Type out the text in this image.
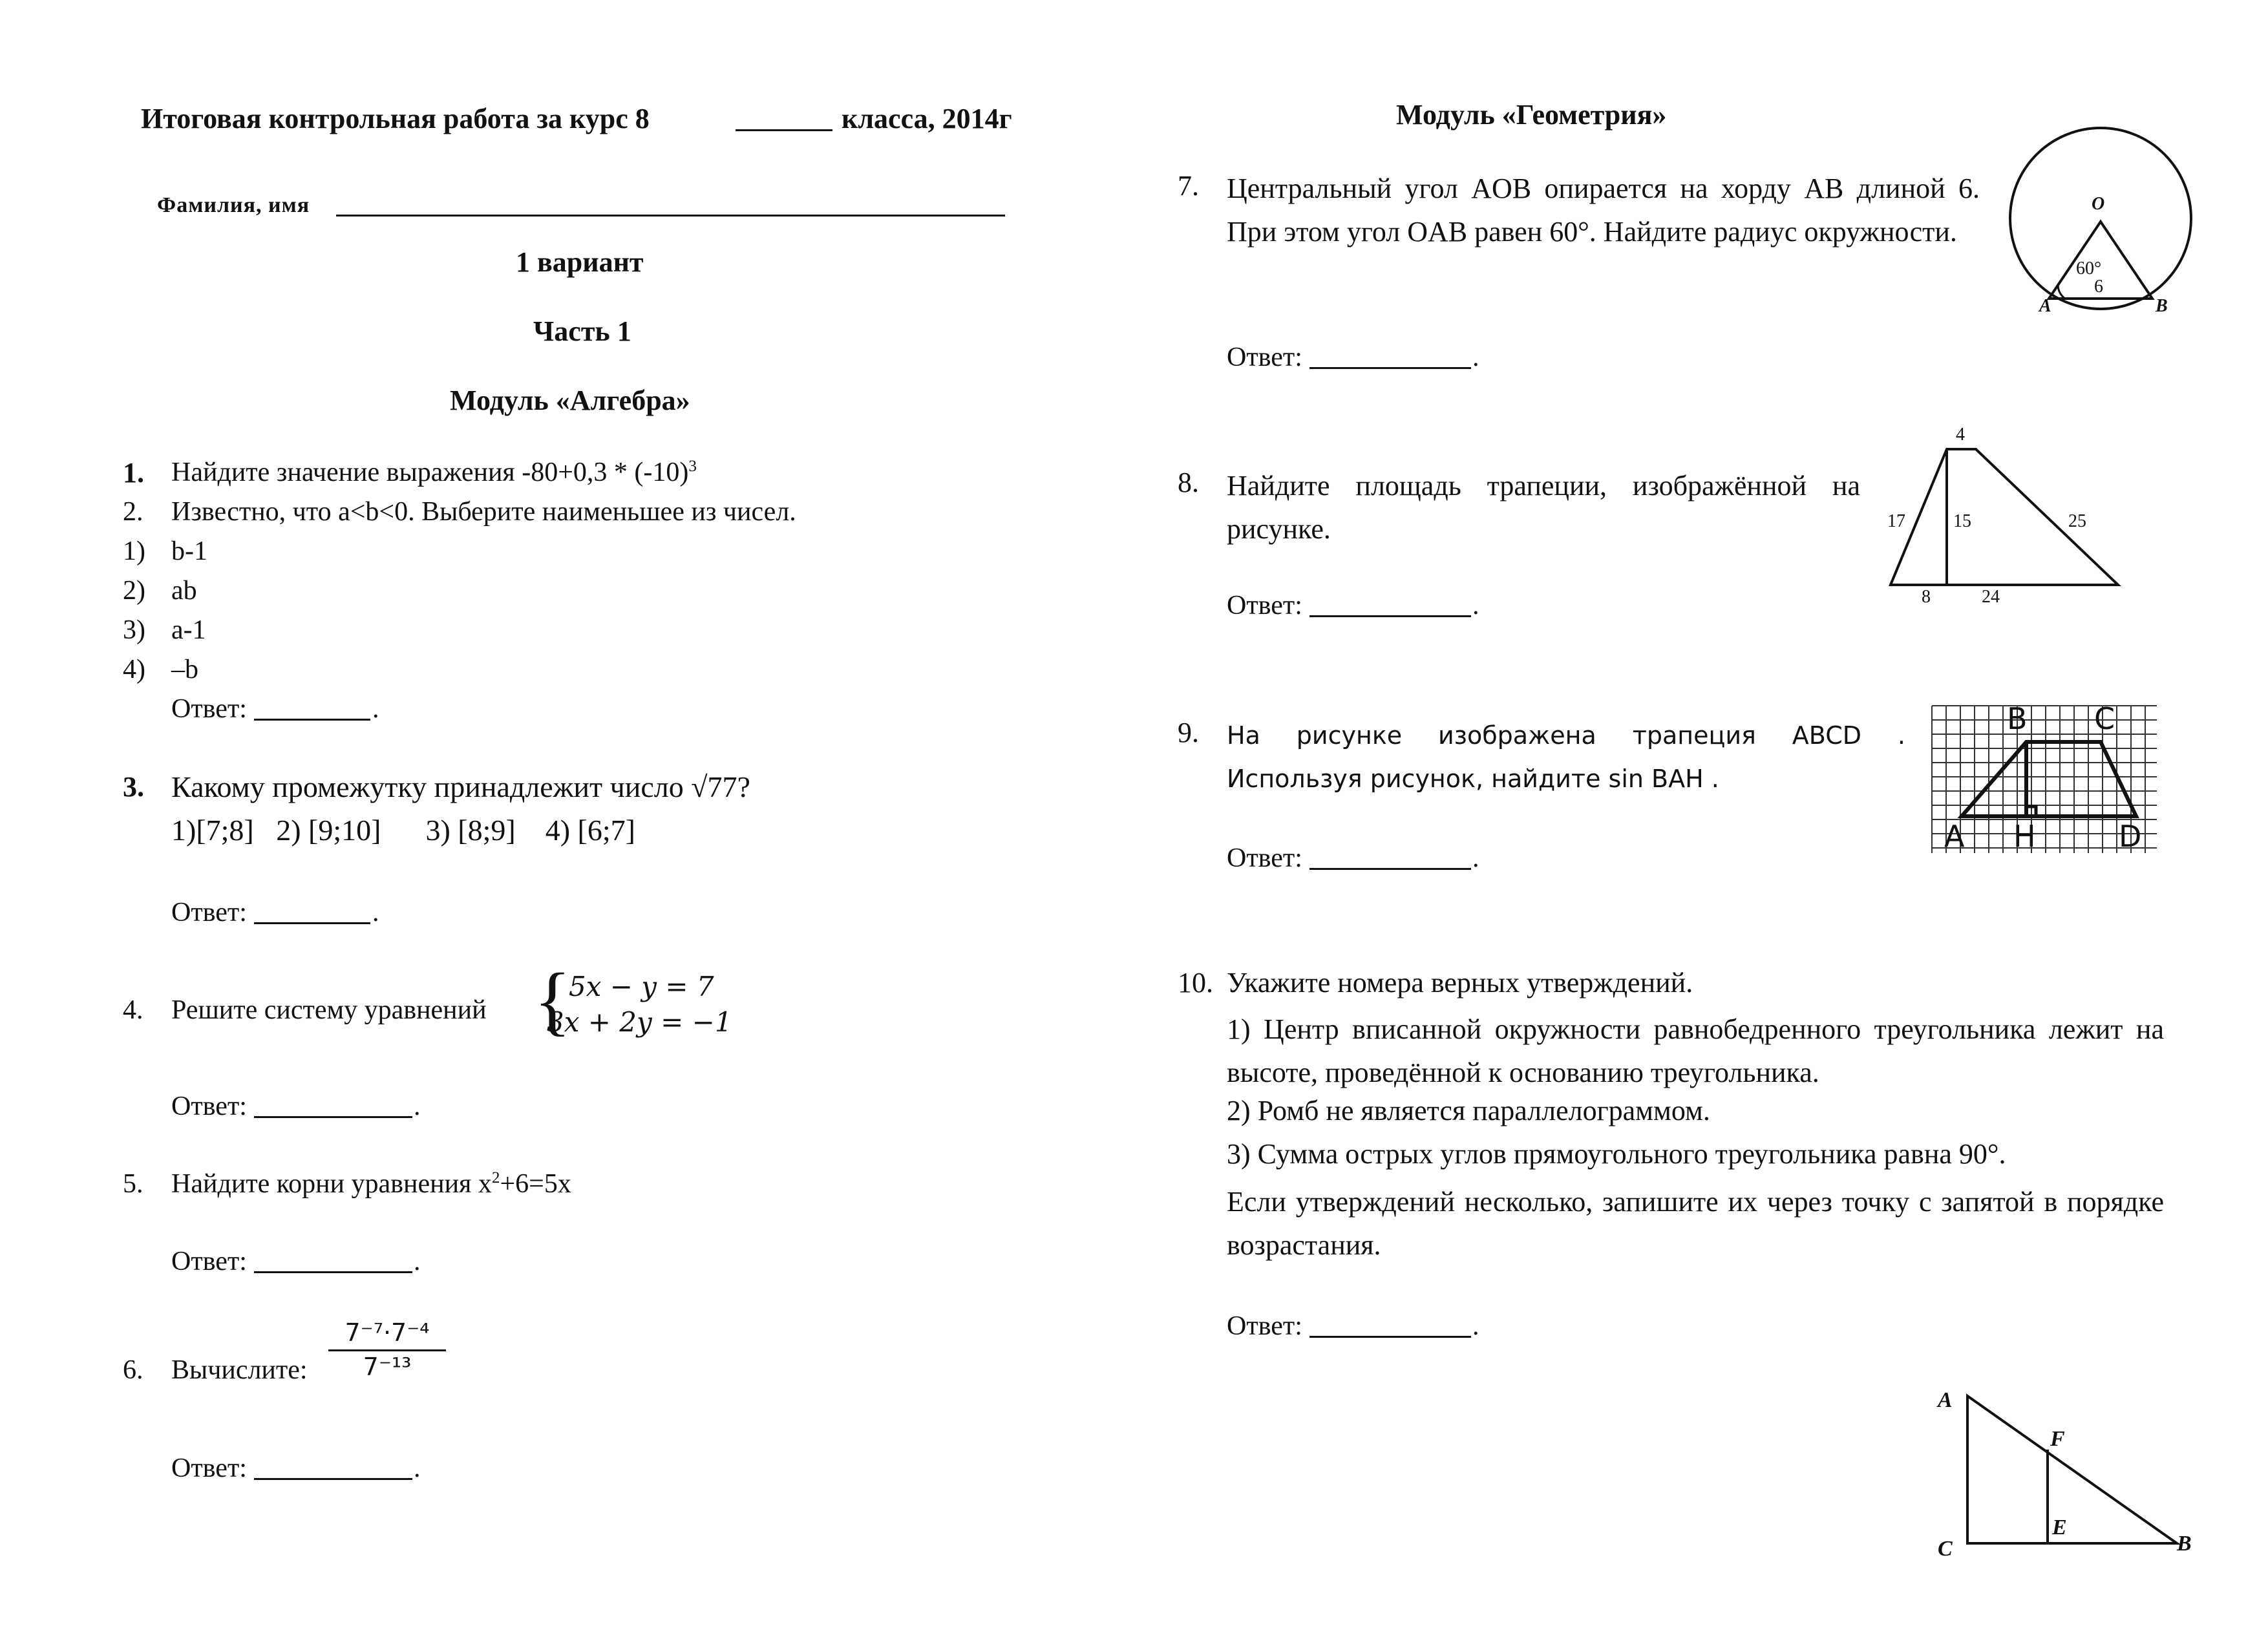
Итоговая контрольная работа за курс 8	класса, 2014г
Фамилия, имя
1 вариант
Часть 1
Модуль «Алгебра»
1. Найдите значение выражения $-80+0,3 * (-10)^3$
2. Известно, что a<b<0. Выберите наименьшее из чисел.
1) b-1
2) ab
3) a-1
4) –b
Ответ:	.
3. Какому промежутку принадлежит число √77?
1)[7;8]   2) [9;10]      3) [8;9]    4) [6;7]
Ответ:	.
4. Решите систему уравнений {
5x − y = 7
3x + 2y = −1
Ответ:	.
5. Найдите корни уравнения $x^2+6=5x$
Ответ:	.
6. Вычислите: $\frac{\text{7⁻⁷·7⁻⁴}}{\text{7⁻¹³}}$
Ответ:	.
Модуль «Геометрия»
7. Центральный угол AOB опирается на хорду AB длиной 6. При этом угол OAB равен 60°. Найдите радиус окружности.
O
A	B
60°
6
Ответ:	.
8. Найдите площадь трапеции, изображённой на рисунке.
4
17	15	25
8	24
Ответ:	.
9. На рисунке изображена трапеция ABCD . Используя рисунок, найдите sin BAH .
B C
A H	D
Ответ:	.
10. Укажите номера верных утверждений.
1) Центр вписанной окружности равнобедренного треугольника лежит на высоте, проведённой к основанию треугольника.
2) Ромб не является параллелограммом.
3) Сумма острых углов прямоугольного треугольника равна 90°.
Если утверждений несколько, запишите их через точку с запятой в порядке возрастания.
Ответ:	.
A
F
C
E
B
